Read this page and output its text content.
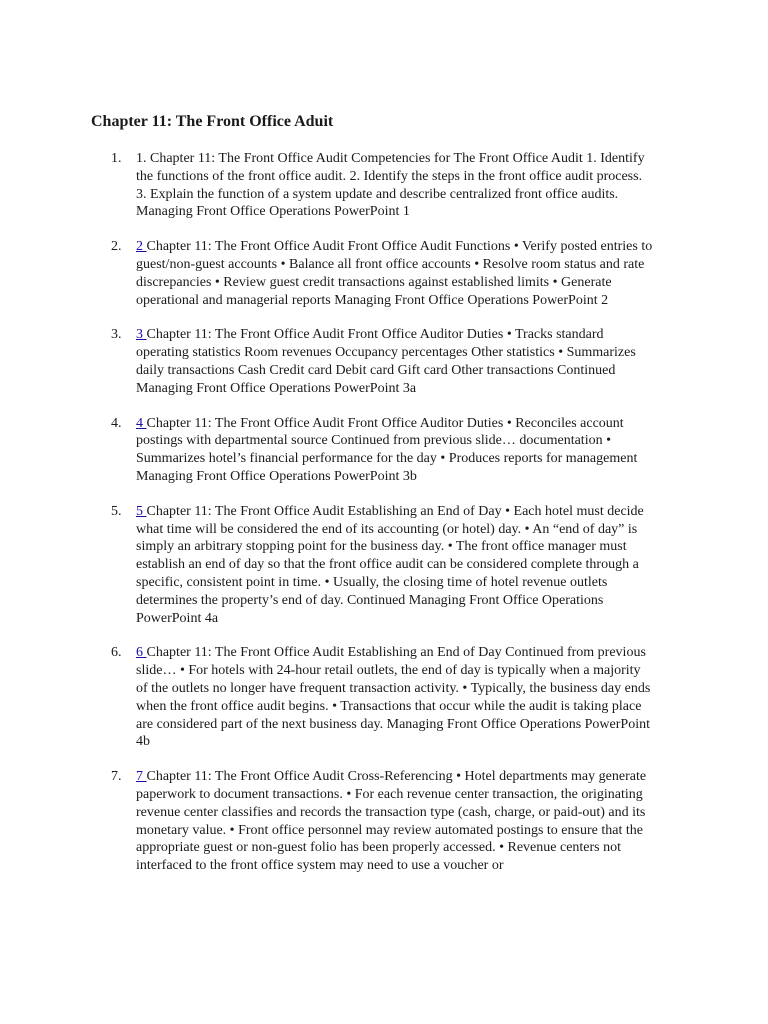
Chapter 11: The Front Office Aduit
1.	1. Chapter 11: The Front Office Audit Competencies for The Front Office Audit 1. Identify the functions of the front office audit. 2. Identify the steps in the front office audit process. 3. Explain the function of a system update and describe centralized front office audits. Managing Front Office Operations PowerPoint 1
2.	2 Chapter 11: The Front Office Audit Front Office Audit Functions • Verify posted entries to guest/non-guest accounts • Balance all front office accounts • Resolve room status and rate discrepancies • Review guest credit transactions against established limits • Generate operational and managerial reports Managing Front Office Operations PowerPoint 2
3.	3 Chapter 11: The Front Office Audit Front Office Auditor Duties • Tracks standard operating statistics Room revenues Occupancy percentages Other statistics • Summarizes daily transactions Cash Credit card Debit card Gift card Other transactions Continued Managing Front Office Operations PowerPoint 3a
4.	4 Chapter 11: The Front Office Audit Front Office Auditor Duties • Reconciles account postings with departmental source Continued from previous slide… documentation • Summarizes hotel’s financial performance for the day • Produces reports for management Managing Front Office Operations PowerPoint 3b
5.	5 Chapter 11: The Front Office Audit Establishing an End of Day • Each hotel must decide what time will be considered the end of its accounting (or hotel) day. • An “end of day” is simply an arbitrary stopping point for the business day. • The front office manager must establish an end of day so that the front office audit can be considered complete through a specific, consistent point in time. • Usually, the closing time of hotel revenue outlets determines the property’s end of day. Continued Managing Front Office Operations PowerPoint 4a
6.	6 Chapter 11: The Front Office Audit Establishing an End of Day Continued from previous slide… • For hotels with 24-hour retail outlets, the end of day is typically when a majority of the outlets no longer have frequent transaction activity. • Typically, the business day ends when the front office audit begins. • Transactions that occur while the audit is taking place are considered part of the next business day. Managing Front Office Operations PowerPoint 4b
7.	7 Chapter 11: The Front Office Audit Cross-Referencing • Hotel departments may generate paperwork to document transactions. • For each revenue center transaction, the originating revenue center classifies and records the transaction type (cash, charge, or paid-out) and its monetary value. • Front office personnel may review automated postings to ensure that the appropriate guest or non-guest folio has been properly accessed. • Revenue centers not interfaced to the front office system may need to use a voucher or
